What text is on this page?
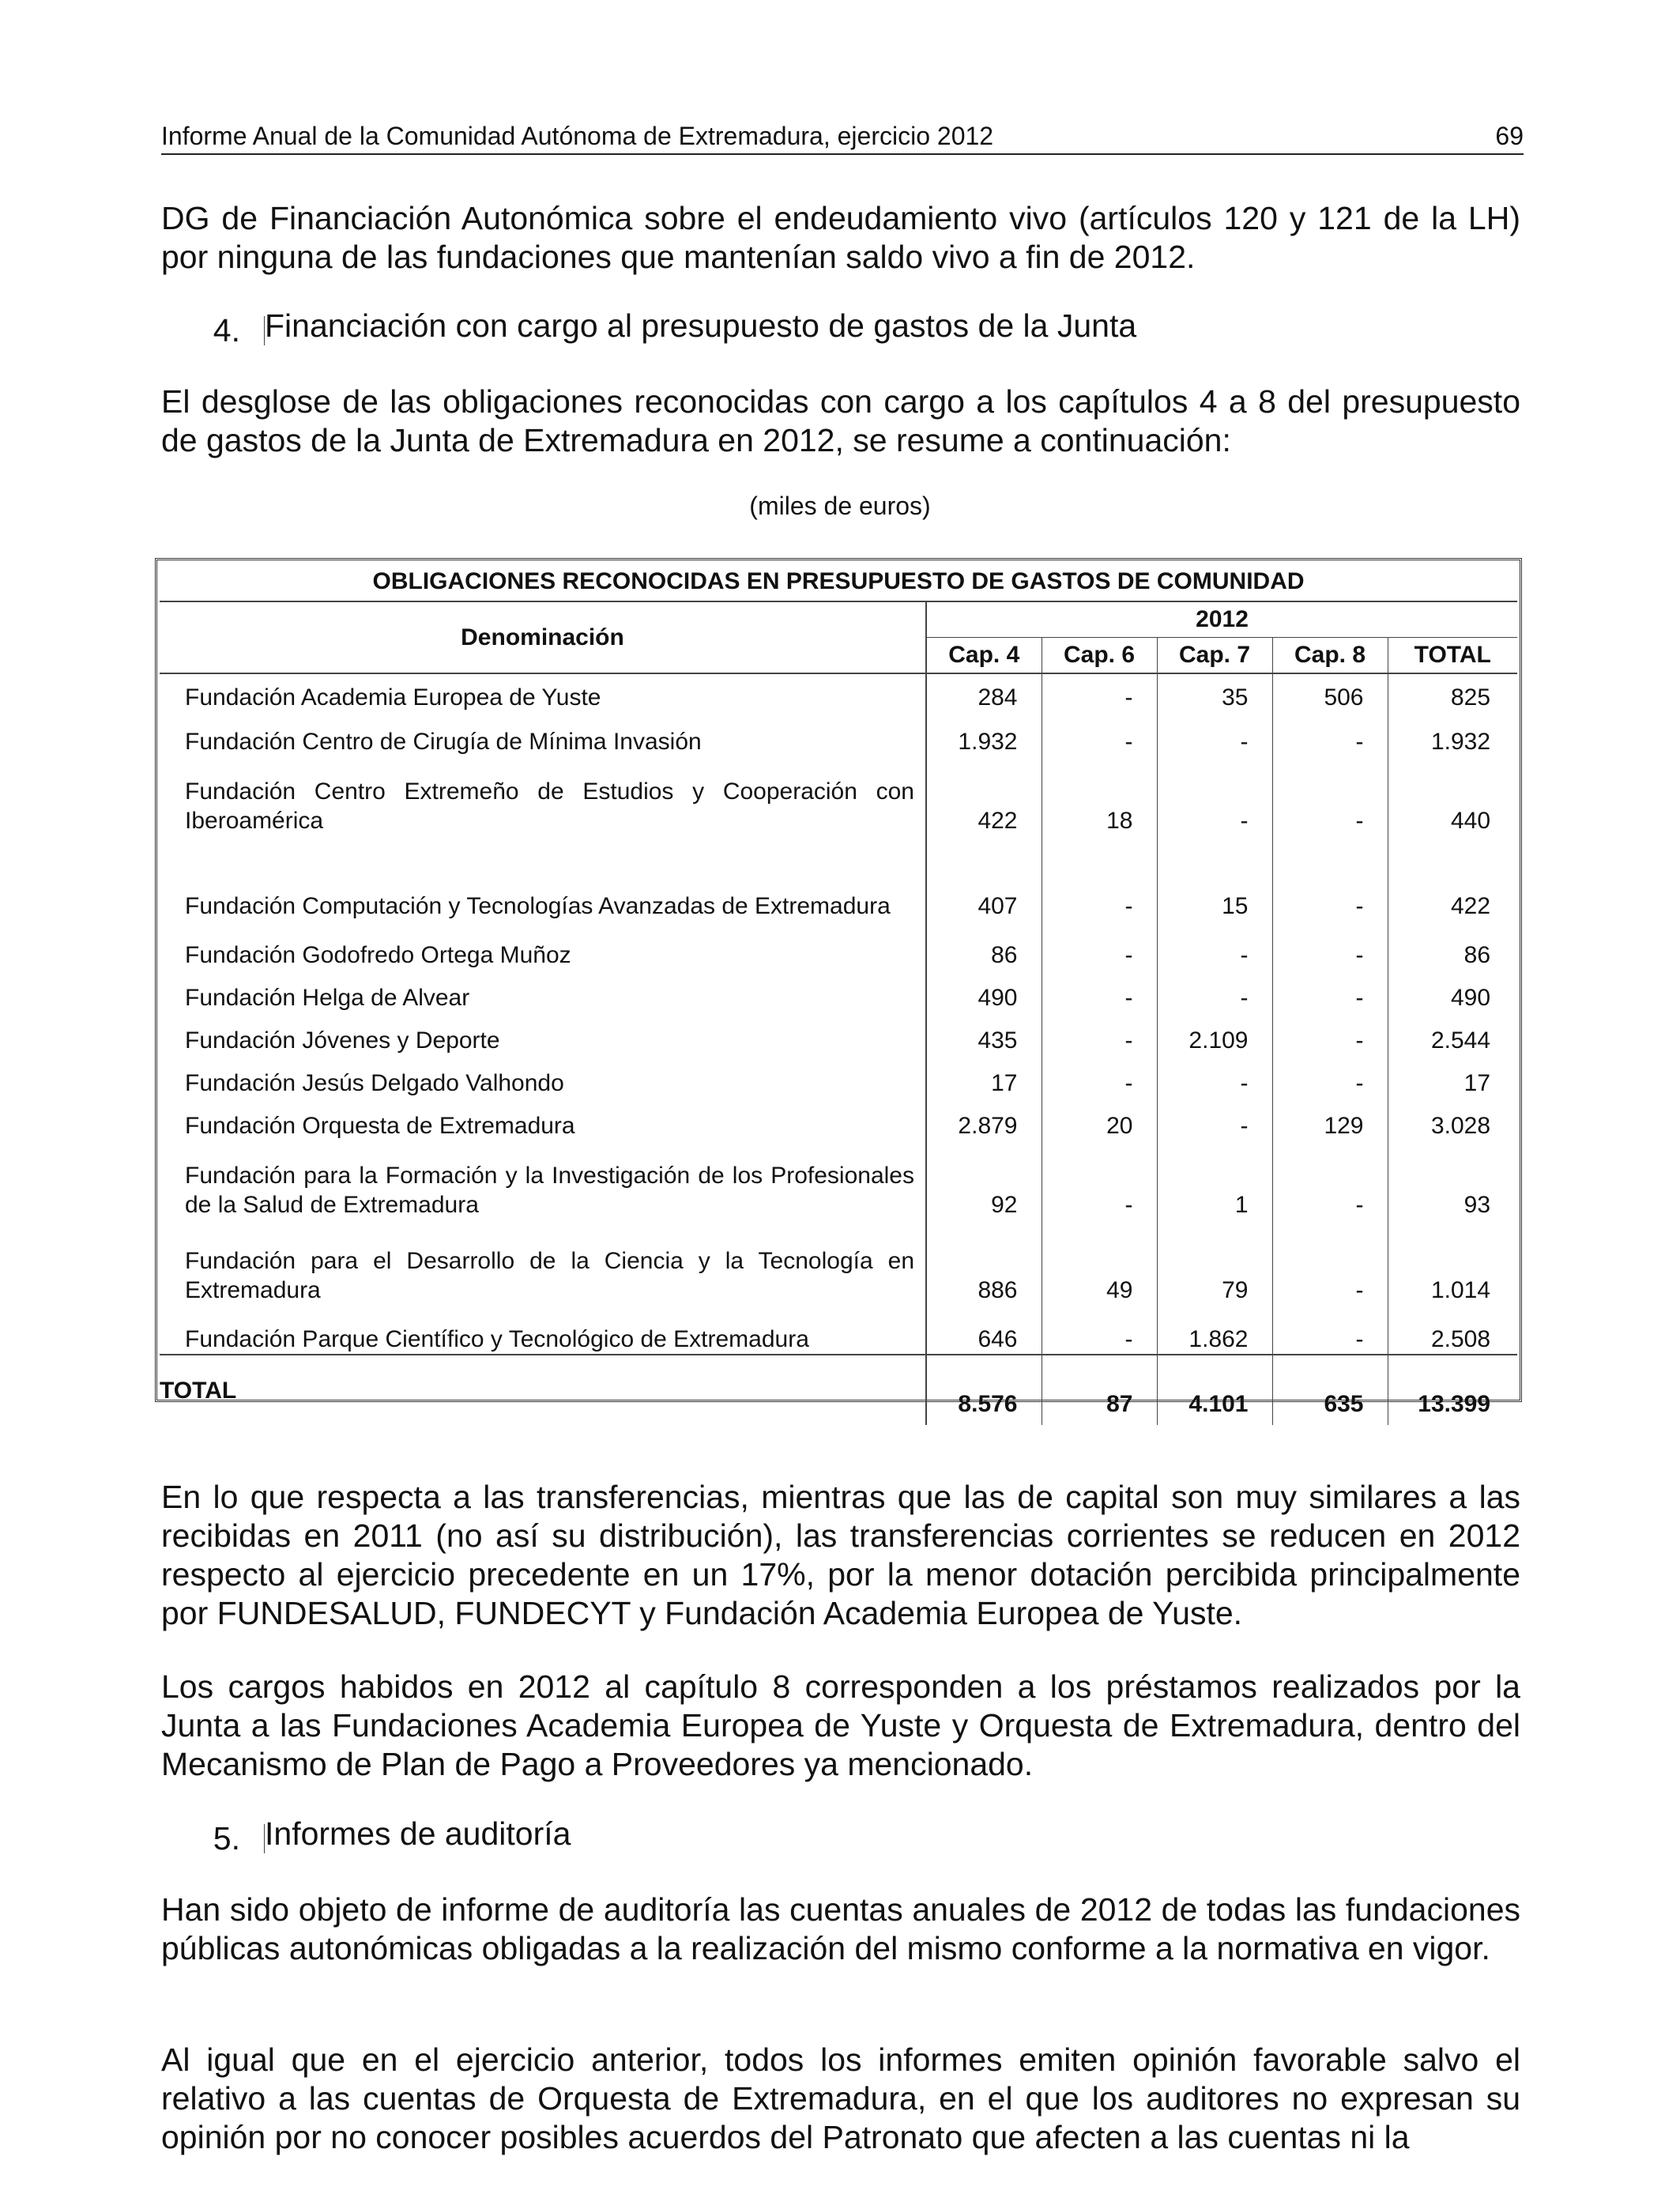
Informe Anual de la Comunidad Autónoma de Extremadura, ejercicio 2012	69

DG de Financiación Autonómica sobre el endeudamiento vivo (artículos 120 y 121 de la LH) por ninguna de las fundaciones que mantenían saldo vivo a fin de 2012.

4. Financiación con cargo al presupuesto de gastos de la Junta

El desglose de las obligaciones reconocidas con cargo a los capítulos 4 a 8 del presupuesto de gastos de la Junta de Extremadura en 2012, se resume a continuación:

(miles de euros)
OBLIGACIONES RECONOCIDAS EN PRESUPUESTO DE GASTOS DE COMUNIDAD					
Denominación	2012				
	Cap. 4	Cap. 6	Cap. 7	Cap. 8	TOTAL
Fundación Academia Europea de Yuste	284	-	35	506	825
Fundación Centro de Cirugía de Mínima Invasión	1.932	-	-	-	1.932
Fundación Centro Extremeño de Estudios y Cooperación con Iberoamérica	422	18	-	-	440
Fundación Computación y Tecnologías Avanzadas de Extremadura	407	-	15	-	422
Fundación Godofredo Ortega Muñoz	86	-	-	-	86
Fundación Helga de Alvear	490	-	-	-	490
Fundación Jóvenes y Deporte	435	-	2.109	-	2.544
Fundación Jesús Delgado Valhondo	17	-	-	-	17
Fundación Orquesta de Extremadura	2.879	20	-	129	3.028
Fundación para la Formación y la Investigación de los Profesionales de la Salud de Extremadura	92	-	1	-	93
Fundación para el Desarrollo de la Ciencia y la Tecnología en Extremadura	886	49	79	-	1.014
Fundación Parque Científico y Tecnológico de Extremadura	646	-	1.862	-	2.508
TOTAL	8.576	87	4.101	635	13.399

En lo que respecta a las transferencias, mientras que las de capital son muy similares a las recibidas en 2011 (no así su distribución), las transferencias corrientes se reducen en 2012 respecto al ejercicio precedente en un 17%, por la menor dotación percibida principalmente por FUNDESALUD, FUNDECYT y Fundación Academia Europea de Yuste.

Los cargos habidos en 2012 al capítulo 8 corresponden a los préstamos realizados por la Junta a las Fundaciones Academia Europea de Yuste y Orquesta de Extremadura, dentro del Mecanismo de Plan de Pago a Proveedores ya mencionado.

5. Informes de auditoría

Han sido objeto de informe de auditoría las cuentas anuales de 2012 de todas las fundaciones públicas autonómicas obligadas a la realización del mismo conforme a la normativa en vigor.

Al igual que en el ejercicio anterior, todos los informes emiten opinión favorable salvo el relativo a las cuentas de Orquesta de Extremadura, en el que los auditores no expresan su opinión por no conocer posibles acuerdos del Patronato que afecten a las cuentas ni la
